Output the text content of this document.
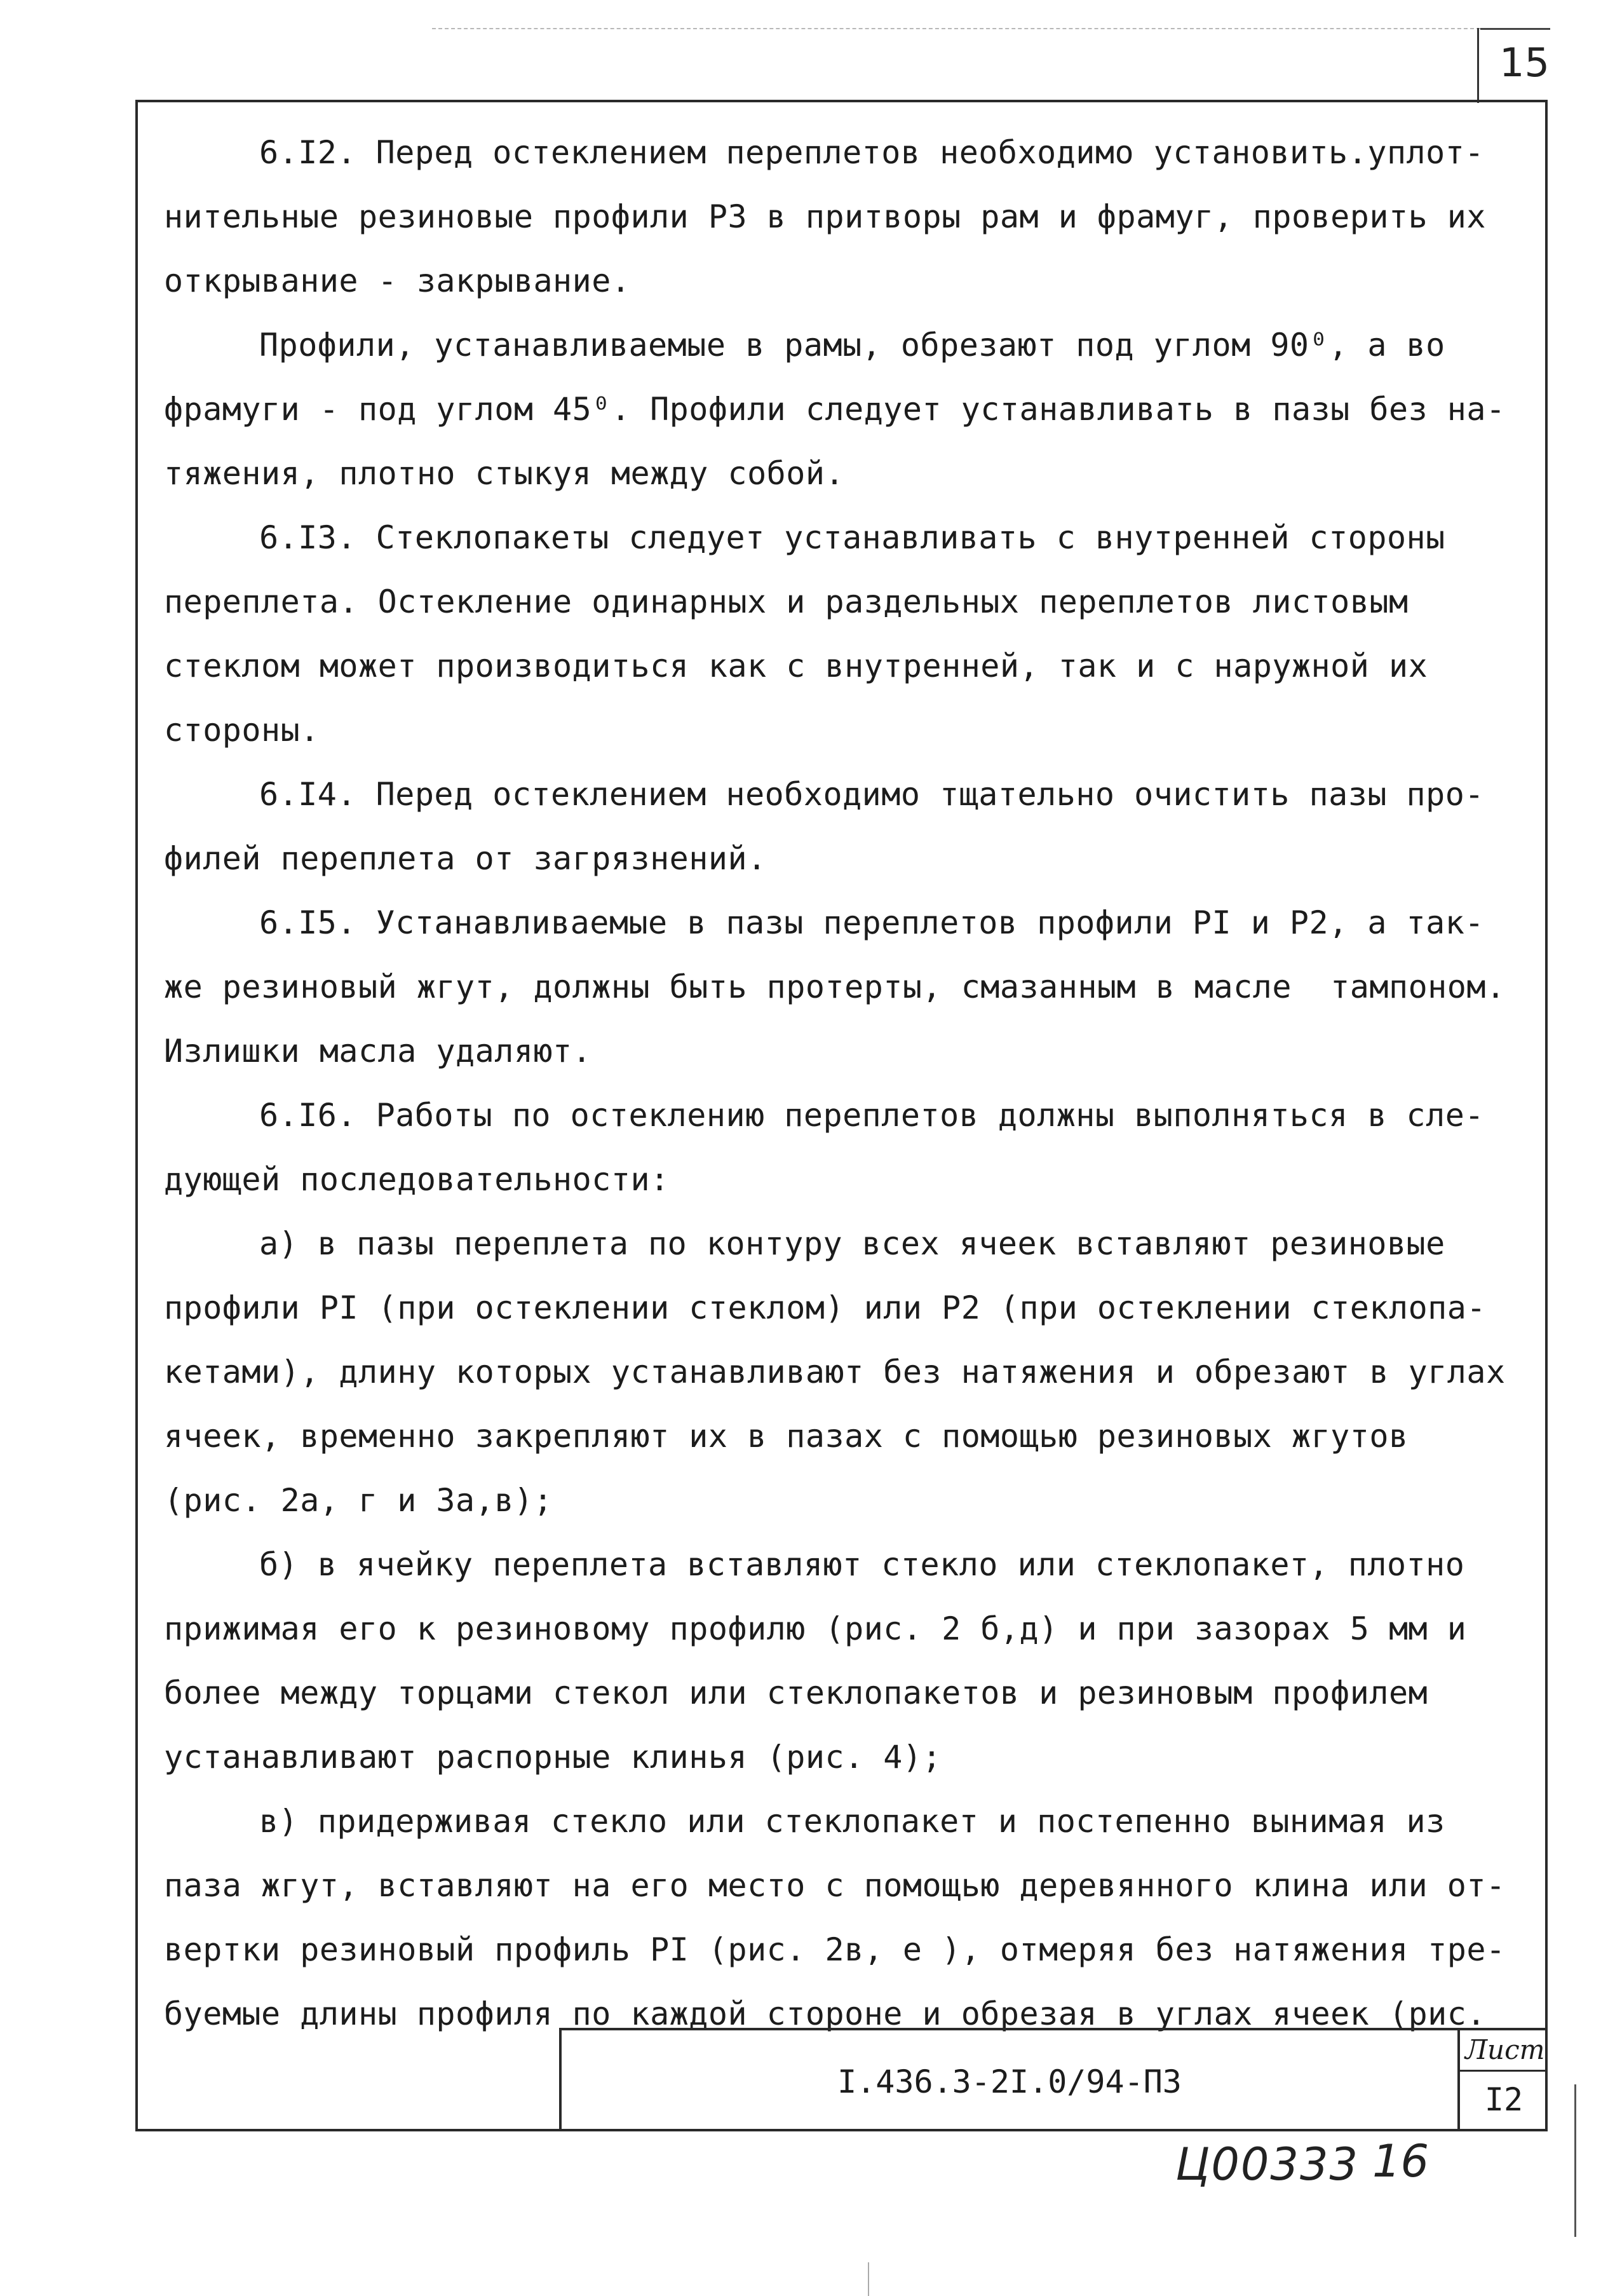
15
6.I2. Перед остеклением переплетов необходимо установить.уплот-
нительные резиновые профили Р3 в притворы рам и фрамуг, проверить их
открывание - закрывание.
Профили, устанавливаемые в рамы, обрезают под углом 90⁰, а во
фрамуги - под углом 45⁰. Профили следует устанавливать в пазы без на-
тяжения, плотно стыкуя между собой.
6.I3. Стеклопакеты следует устанавливать с внутренней стороны
переплета. Остекление одинарных и раздельных переплетов листовым
стеклом может производиться как с внутренней, так и с наружной их
стороны.
6.I4. Перед остеклением необходимо тщательно очистить пазы про-
филей переплета от загрязнений.
6.I5. Устанавливаемые в пазы переплетов профили РI и Р2, а так-
же резиновый жгут, должны быть протерты, смазанным в масле  тампоном.
Излишки масла удаляют.
6.I6. Работы по остеклению переплетов должны выполняться в сле-
дующей последовательности:
а) в пазы переплета по контуру всех ячеек вставляют резиновые
профили РI (при остеклении стеклом) или Р2 (при остеклении стеклопа-
кетами), длину которых устанавливают без натяжения и обрезают в углах
ячеек, временно закрепляют их в пазах с помощью резиновых жгутов
(рис. 2а, г и 3а,в);
б) в ячейку переплета вставляют стекло или стеклопакет, плотно
прижимая его к резиновому профилю (рис. 2 б,д) и при зазорах 5 мм и
более между торцами стекол или стеклопакетов и резиновым профилем
устанавливают распорные клинья (рис. 4);
в) придерживая стекло или стеклопакет и постепенно вынимая из
паза жгут, вставляют на его место с помощью деревянного клина или от-
вертки резиновый профиль РI (рис. 2в, е ), отмеряя без натяжения тре-
буемые длины профиля по каждой стороне и обрезая в углах ячеек (рис.
I.436.3-2I.0/94-ПЗ
Лист
I2
Ц00333 16
